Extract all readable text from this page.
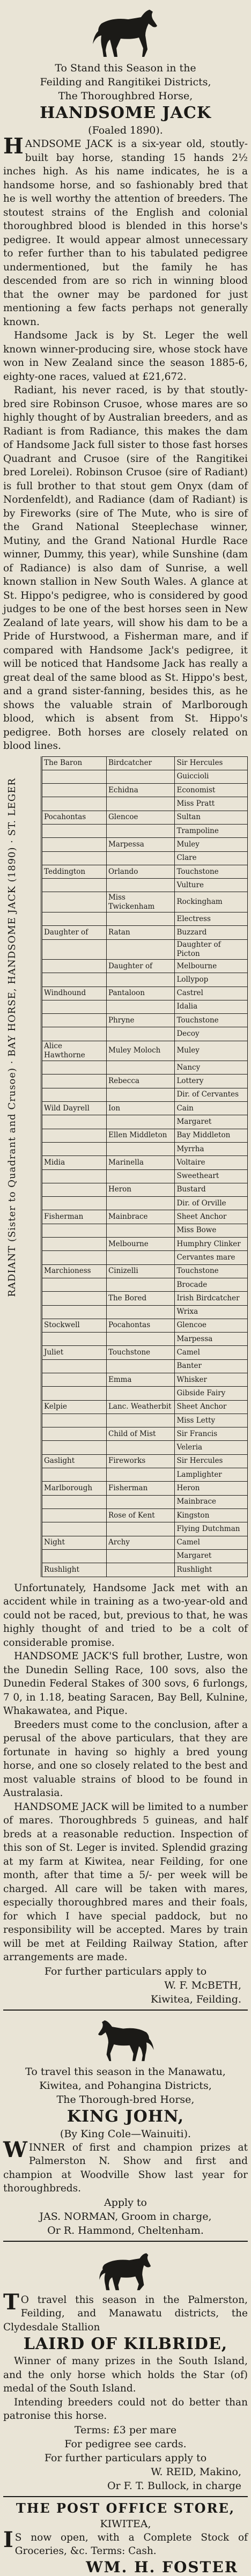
To Stand this Season in the
Feilding and Rangitikei Districts,
The Thoroughbred Horse,
HANDSOME JACK
(Foaled 1890).

HANDSOME JACK is a six-year old, stoutly-built bay horse, standing 15 hands 2½ inches high. As his name indicates, he is a handsome horse, and so fashionably bred that he is well worthy the attention of breeders. The stoutest strains of the English and colonial thoroughbred blood is blended in this horse's pedigree. It would appear almost unnecessary to refer further than to his tabulated pedigree undermentioned, but the family he has descended from are so rich in winning blood that the owner may be pardoned for just mentioning a few facts perhaps not generally known.

Handsome Jack is by St. Leger the well known winner-producing sire, whose stock have won in New Zealand since the season 1885-6, eighty-one races, valued at £21,672.

Radiant, his never raced, is by that stoutly-bred sire Robinson Crusoe, whose mares are so highly thought of by Australian breeders, and as Radiant is from Radiance, this makes the dam of Handsome Jack full sister to those fast horses Quadrant and Crusoe (sire of the Rangitikei bred Lorelei). Robinson Crusoe (sire of Radiant) is full brother to that stout gem Onyx (dam of Nordenfeldt), and Radiance (dam of Radiant) is by Fireworks (sire of The Mute, who is sire of the Grand National Steeplechase winner, Mutiny, and the Grand National Hurdle Race winner, Dummy, this year), while Sunshine (dam of Radiance) is also dam of Sunrise, a well known stallion in New South Wales. A glance at St. Hippo's pedigree, who is considered by good judges to be one of the best horses seen in New Zealand of late years, will show his dam to be a Pride of Hurstwood, a Fisherman mare, and if compared with Handsome Jack's pedigree, it will be noticed that Handsome Jack has really a great deal of the same blood as St. Hippo's best, and a grand sister-fanning, besides this, as he shows the valuable strain of Marlborough blood, which is absent from St. Hippo's pedigree. Both horses are closely related on blood lines.

RADIANT (Sister to Quadrant and Crusoe) · BAY HORSE, HANDSOME JACK (1890) · ST. LEGER
The Baron	Birdcatcher	Sir Hercules
		Guiccioli
	Echidna	Economist
		Miss Pratt
Pocahontas	Glencoe	Sultan
		Trampoline
	Marpessa	Muley
		Clare
Teddington	Orlando	Touchstone
		Vulture
	Miss Twickenham	Rockingham
		Electress
Daughter of	Ratan	Buzzard
		Daughter of Picton
	Daughter of	Melbourne
		Lollypop
Windhound	Pantaloon	Castrel
		Idalia
	Phryne	Touchstone
		Decoy
Alice Hawthorne	Muley Moloch	Muley
		Nancy
	Rebecca	Lottery
		Dir. of Cervantes
Wild Dayrell	Ion	Cain
		Margaret
	Ellen Middleton	Bay Middleton
		Myrrha
Midia	Marinella	Voltaire
		Sweetheart
	Heron	Bustard
		Dir. of Orville
Fisherman	Mainbrace	Sheet Anchor
		Miss Bowe
	Melbourne	Humphry Clinker
		Cervantes mare
Marchioness	Cinizelli	Touchstone
		Brocade
	The Bored	Irish Birdcatcher
		Wrixa
Stockwell	Pocahontas	Glencoe
		Marpessa
Juliet	Touchstone	Camel
		Banter
	Emma	Whisker
		Gibside Fairy
Kelpie	Lanc. Weatherbit	Sheet Anchor
		Miss Letty
	Child of Mist	Sir Francis
		Veleria
Gaslight	Fireworks	Sir Hercules
		Lamplighter
Marlborough	Fisherman	Heron
		Mainbrace
	Rose of Kent	Kingston
		Flying Dutchman
Night	Archy	Camel
		Margaret
Rushlight		Rushlight

Unfortunately, Handsome Jack met with an accident while in training as a two-year-old and could not be raced, but, previous to that, he was highly thought of and tried to be a colt of considerable promise.

HANDSOME JACK'S full brother, Lustre, won the Dunedin Selling Race, 100 sovs, also the Dunedin Federal Stakes of 300 sovs, 6 furlongs, 7 0, in 1.18, beating Saracen, Bay Bell, Kulnine, Whakawatea, and Pique.

Breeders must come to the conclusion, after a perusal of the above particulars, that they are fortunate in having so highly a bred young horse, and one so closely related to the best and most valuable strains of blood to be found in Australasia.

HANDSOME JACK will be limited to a number of mares. Thoroughbreds 5 guineas, and half breds at a reasonable reduction. Inspection of this son of St. Leger is invited. Splendid grazing at my farm at Kiwitea, near Feilding, for one month, after that time a 5/- per week will be charged. All care will be taken with mares, especially thoroughbred mares and their foals, for which I have special paddock, but no responsibility will be accepted. Mares by train will be met at Feilding Railway Station, after arrangements are made.

For further particulars apply to
W. F. McBETH,
Kiwitea, Feilding.
To travel this season in the Manawatu, Kiwitea, and Pohangina Districts,
The Thorough-bred Horse,
KING JOHN,
(By King Cole—Wainuiti).

WINNER of first and champion prizes at Palmerston N. Show and first and champion at Woodville Show last year for thoroughbreds.

Apply to
JAS. NORMAN, Groom in charge,
Or R. Hammond, Cheltenham.

TO travel this season in the Palmerston, Feilding, and Manawatu districts, the Clydesdale Stallion

LAIRD OF KILBRIDE,

Winner of many prizes in the South Island, and the only horse which holds the Star (of) medal of the South Island.

Intending breeders could not do better than patronise this horse.

Terms: £3 per mare
For pedigree see cards.
For further particulars apply to
W. REID, Makino,
Or F. T. Bullock, in charge
THE POST OFFICE STORE,
KIWITEA,

IS now open, with a Complete Stock of Groceries, &c. Terms: Cash.

WM. H. FOSTER
